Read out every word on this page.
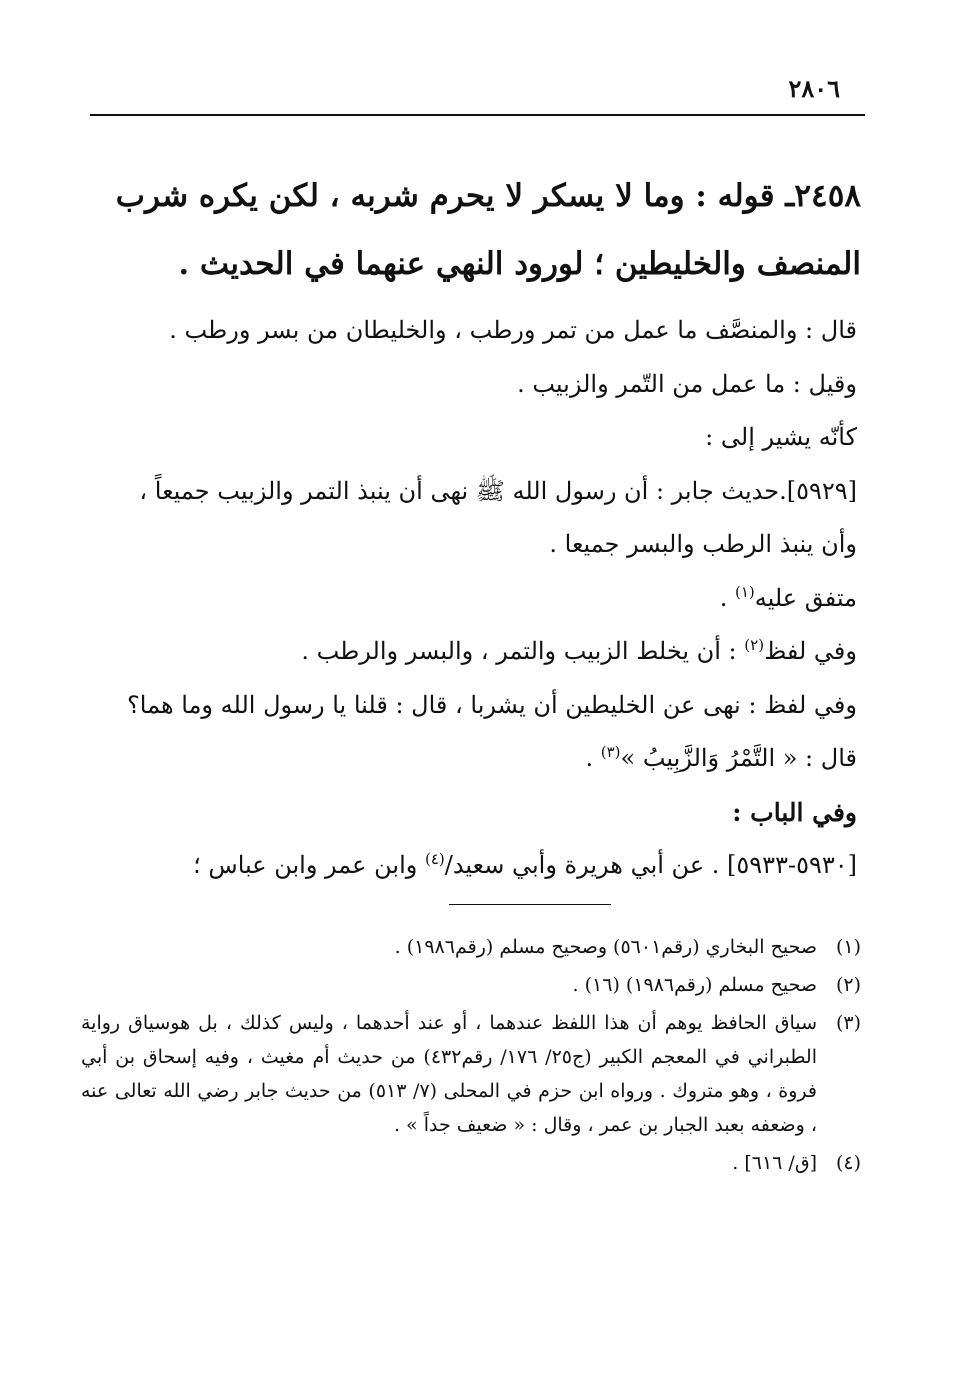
٢٨٠٦
٢٤٥٨ـ قوله : وما لا يسكر لا يحرم شربه ، لكن يكره شرب
المنصف والخليطين ؛ لورود النهي عنهما في الحديث .
قال : والمنصَّف ما عمل من تمر ورطب ، والخليطان من بسر ورطب .
وقيل : ما عمل من التّمر والزبيب .
كأنّه يشير إلى :
[٥٩٢٩].حديث جابر : أن رسول الله ﷺ نهى أن ينبذ التمر والزبيب جميعاً ،
وأن ينبذ الرطب والبسر جميعا .
متفق عليه$^{(١)}$ .
وفي لفظ$^{(٢)}$ : أن يخلط الزبيب والتمر ، والبسر والرطب .
وفي لفظ : نهى عن الخليطين أن يشربا ، قال : قلنا يا رسول الله وما هما؟
قال : « التَّمْرُ وَالزَّبِيبُ »$^{(٣)}$ .
وفي الباب :
[٥٩٣٠-٥٩٣٣] . عن أبي هريرة وأبي سعيد/$^{(٤)}$ وابن عمر وابن عباس ؛
(١)
صحيح البخاري (رقم٥٦٠١) وصحيح مسلم (رقم١٩٨٦) .
(٢)
صحيح مسلم (رقم١٩٨٦) (١٦) .
(٣)
سياق الحافظ يوهم أن هذا اللفظ عندهما ، أو عند أحدهما ، وليس كذلك ، بل هوسياق رواية الطبراني في المعجم الكبير (ج٢٥/ ١٧٦/ رقم٤٣٢) من حديث أم مغيث ، وفيه إسحاق بن أبي فروة ، وهو متروك . ورواه ابن حزم في المحلى (٧/ ٥١٣) من حديث جابر رضي الله تعالى عنه ، وضعفه بعبد الجبار بن عمر ، وقال : « ضعيف جداً » .
(٤)
[ق/ ٦١٦] .
